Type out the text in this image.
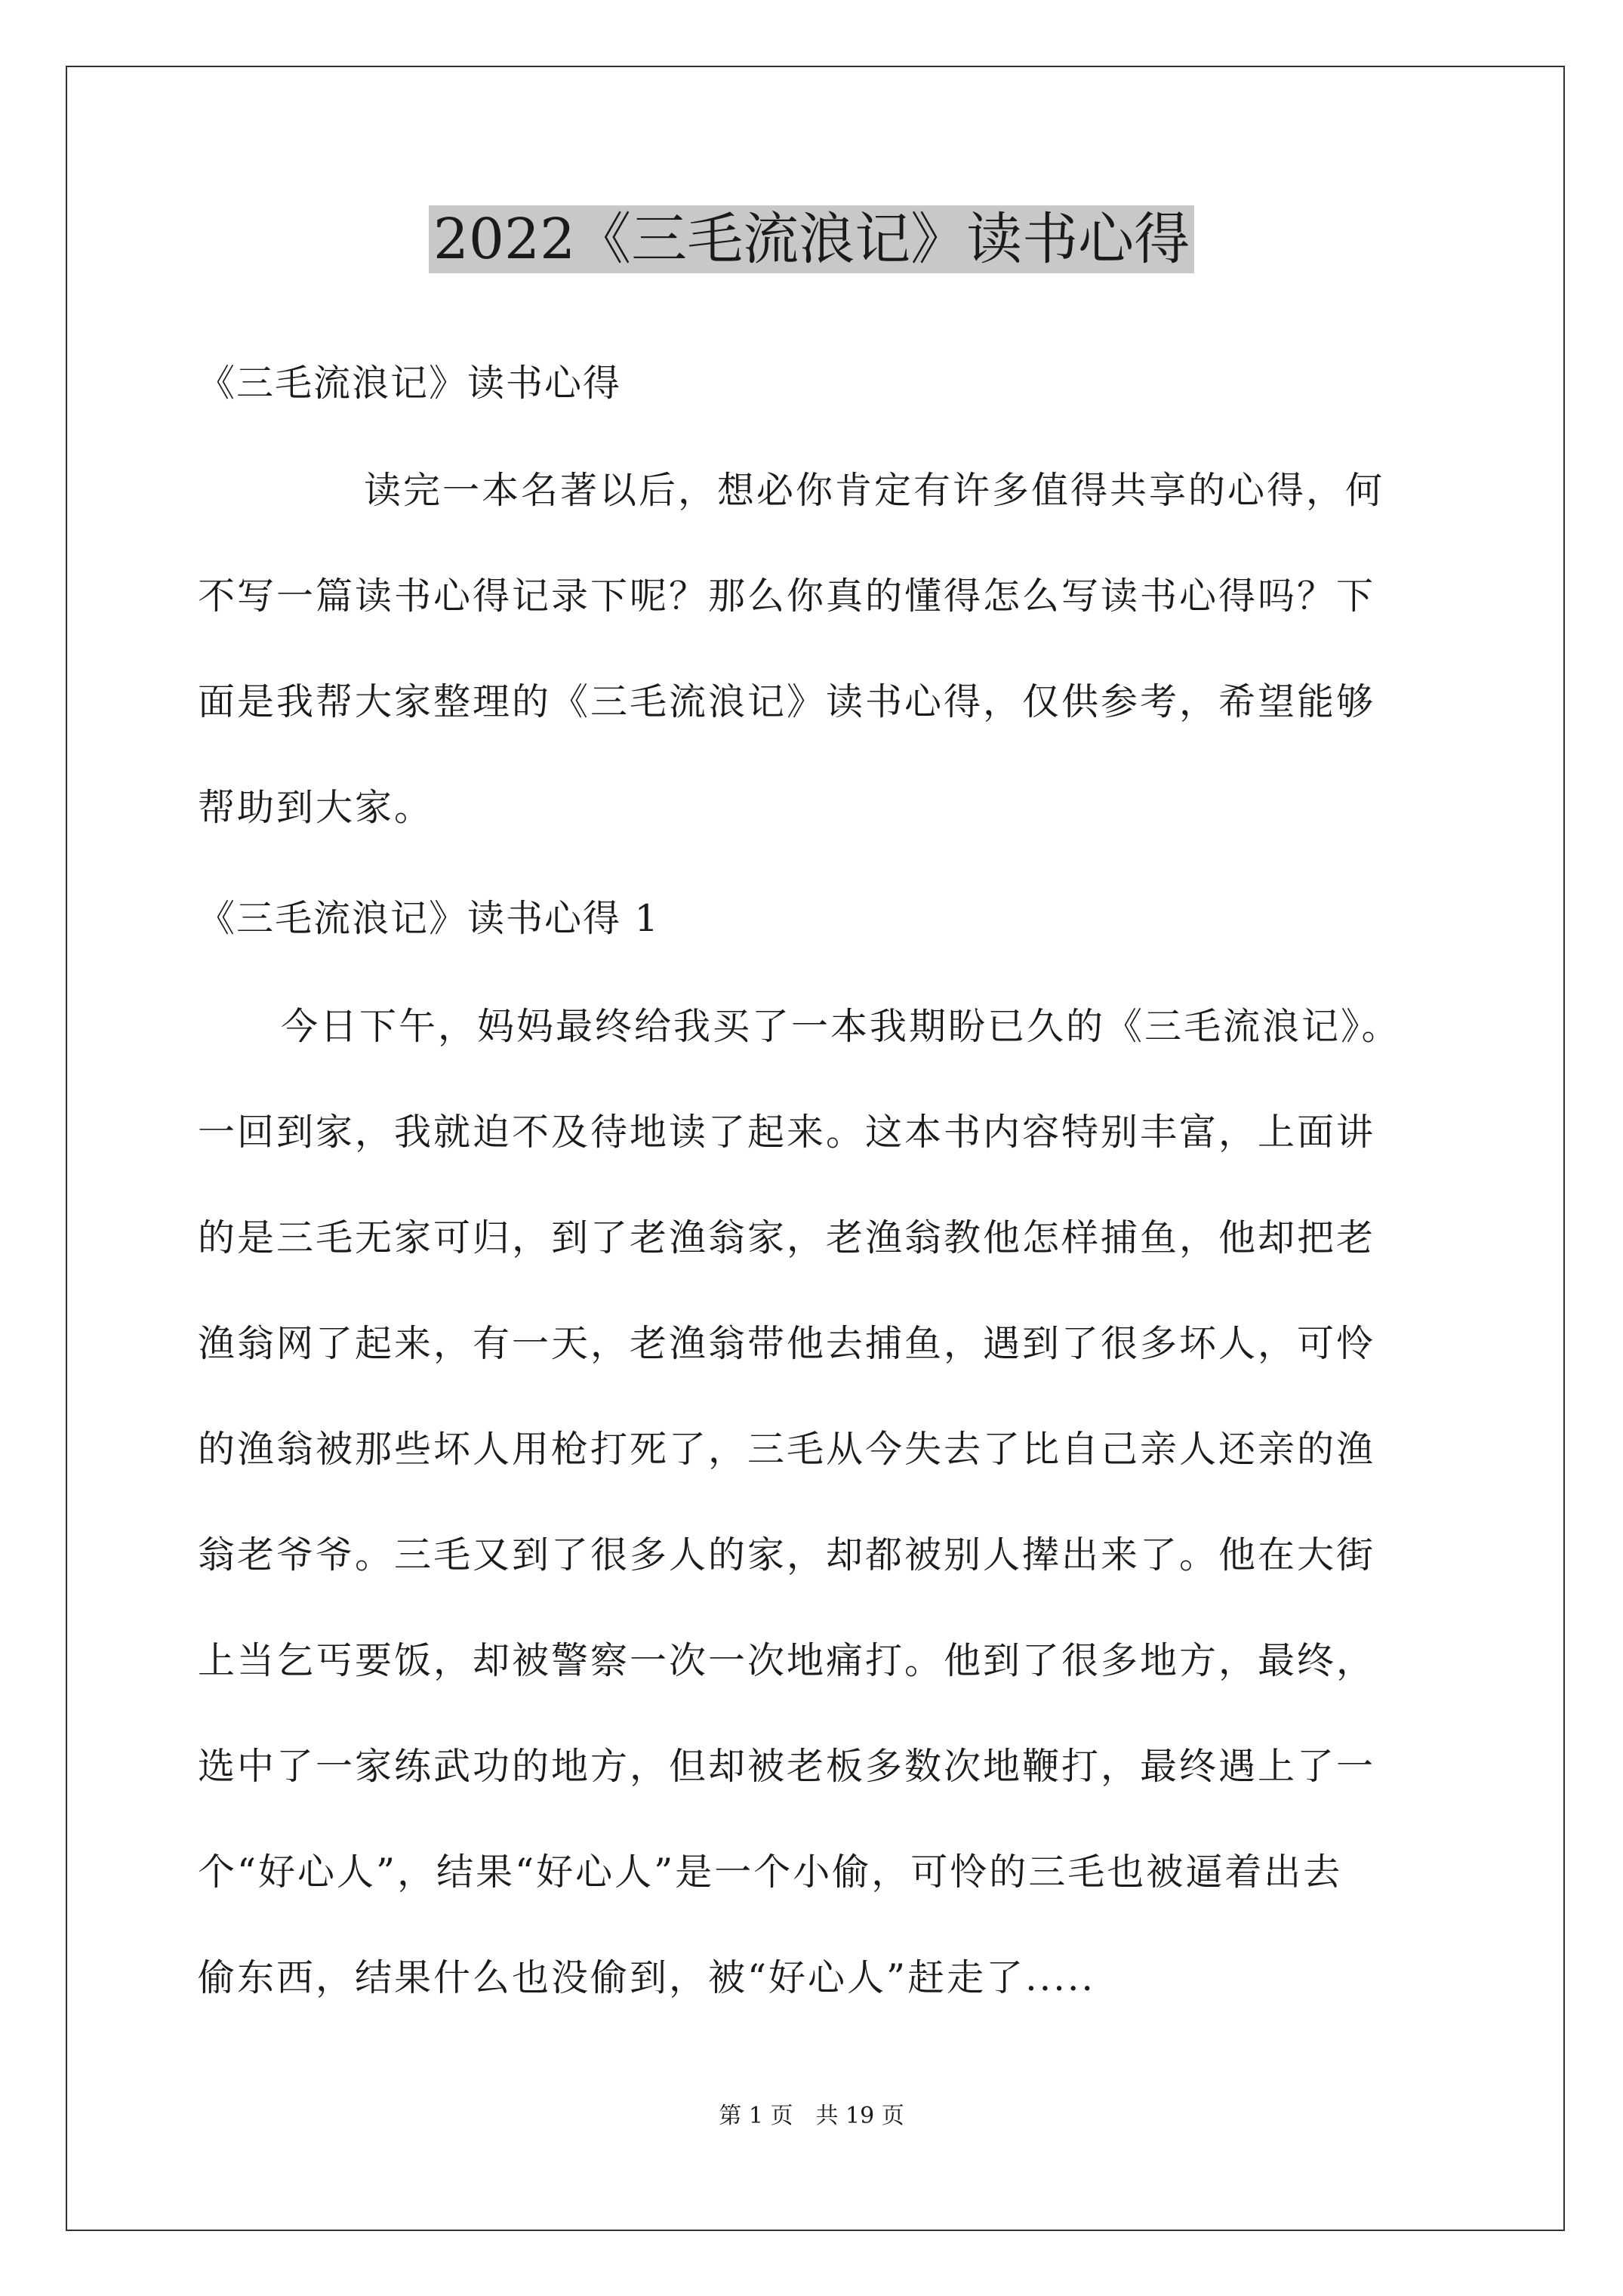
2022《三毛流浪记》读书心得

《三毛流浪记》读书心得

读完一本名著以后，想必你肯定有许多值得共享的心得，何

不写一篇读书心得记录下呢？那么你真的懂得怎么写读书心得吗？下

面是我帮大家整理的《三毛流浪记》读书心得，仅供参考，希望能够

帮助到大家。

《三毛流浪记》读书心得 1

今日下午，妈妈最终给我买了一本我期盼已久的《三毛流浪记》。

一回到家，我就迫不及待地读了起来。这本书内容特别丰富，上面讲

的是三毛无家可归，到了老渔翁家，老渔翁教他怎样捕鱼，他却把老

渔翁网了起来，有一天，老渔翁带他去捕鱼，遇到了很多坏人，可怜

的渔翁被那些坏人用枪打死了，三毛从今失去了比自己亲人还亲的渔

翁老爷爷。三毛又到了很多人的家，却都被别人撵出来了。他在大街

上当乞丐要饭，却被警察一次一次地痛打。他到了很多地方，最终，

选中了一家练武功的地方，但却被老板多数次地鞭打，最终遇上了一

个“好心人”，结果“好心人”是一个小偷，可怜的三毛也被逼着出去

偷东西，结果什么也没偷到，被“好心人”赶走了.....

第 1 页　共 19 页
